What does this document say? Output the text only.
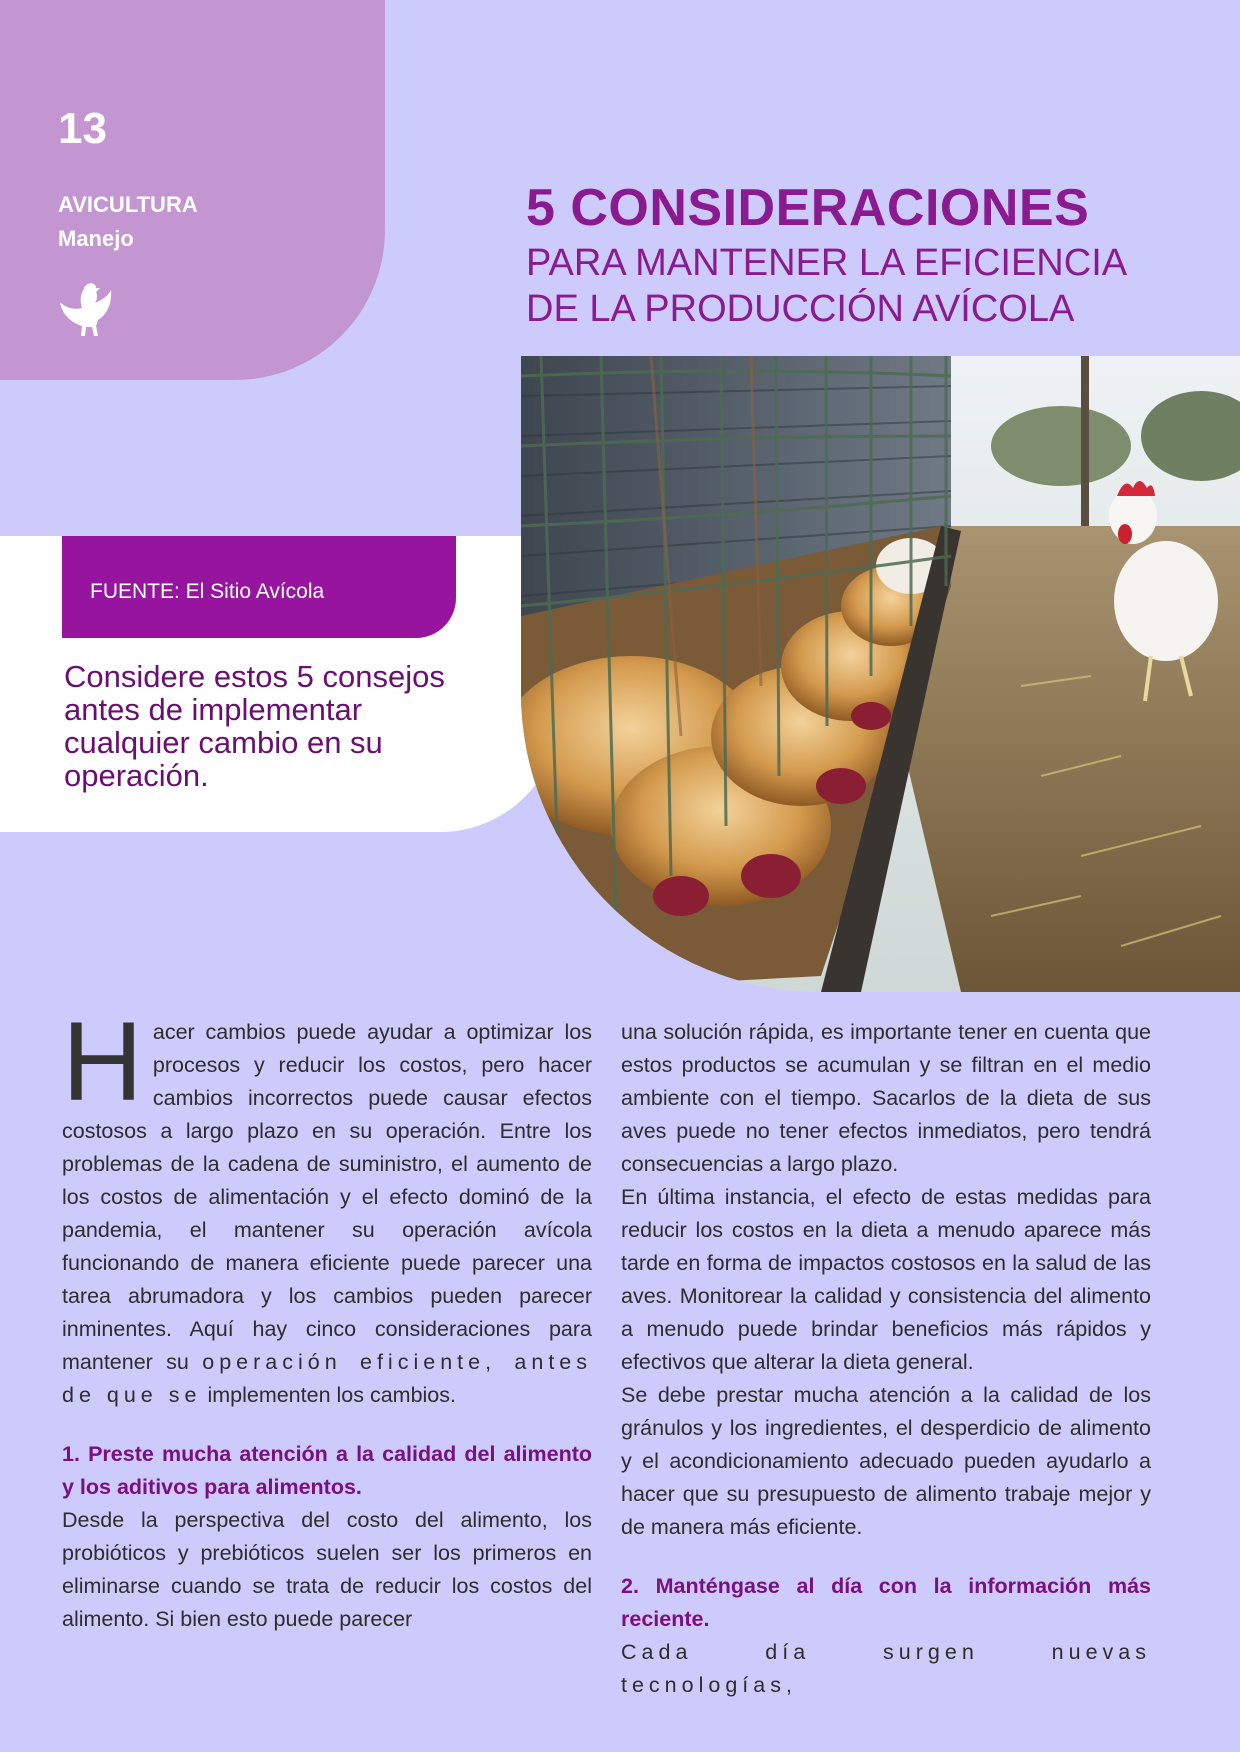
13
AVICULTURA
Manejo
5 CONSIDERACIONES
PARA MANTENER LA EFICIENCIA
DE LA PRODUCCIÓN AVÍCOLA
FUENTE: El Sitio Avícola
Considere estos 5 consejos antes de implementar cualquier cambio en su operación.

H acer cambios puede ayudar a optimizar los procesos y reducir los costos, pero hacer cambios incorrectos puede causar efectos costosos a largo plazo en su operación. Entre los problemas de la cadena de suministro, el aumento de los costos de alimentación y el efecto dominó de la pandemia, el mantener su operación avícola funcionando de manera eficiente puede parecer una tarea abrumadora y los cambios pueden parecer inminentes. Aquí hay cinco consideraciones para mantener su operación eficiente, antes de que se implementen los cambios.

1. Preste mucha atención a la calidad del alimento y los aditivos para alimentos.

Desde la perspectiva del costo del alimento, los probióticos y prebióticos suelen ser los primeros en eliminarse cuando se trata de reducir los costos del alimento. Si bien esto puede parecer

una solución rápida, es importante tener en cuenta que estos productos se acumulan y se filtran en el medio ambiente con el tiempo. Sacarlos de la dieta de sus aves puede no tener efectos inmediatos, pero tendrá consecuencias a largo plazo.

En última instancia, el efecto de estas medidas para reducir los costos en la dieta a menudo aparece más tarde en forma de impactos costosos en la salud de las aves. Monitorear la calidad y consistencia del alimento a menudo puede brindar beneficios más rápidos y efectivos que alterar la dieta general.

Se debe prestar mucha atención a la calidad de los gránulos y los ingredientes, el desperdicio de alimento y el acondicionamiento adecuado pueden ayudarlo a hacer que su presupuesto de alimento trabaje mejor y de manera más eficiente.

2. Manténgase al día con la información más reciente.

Cada día surgen nuevas tecnologías,
